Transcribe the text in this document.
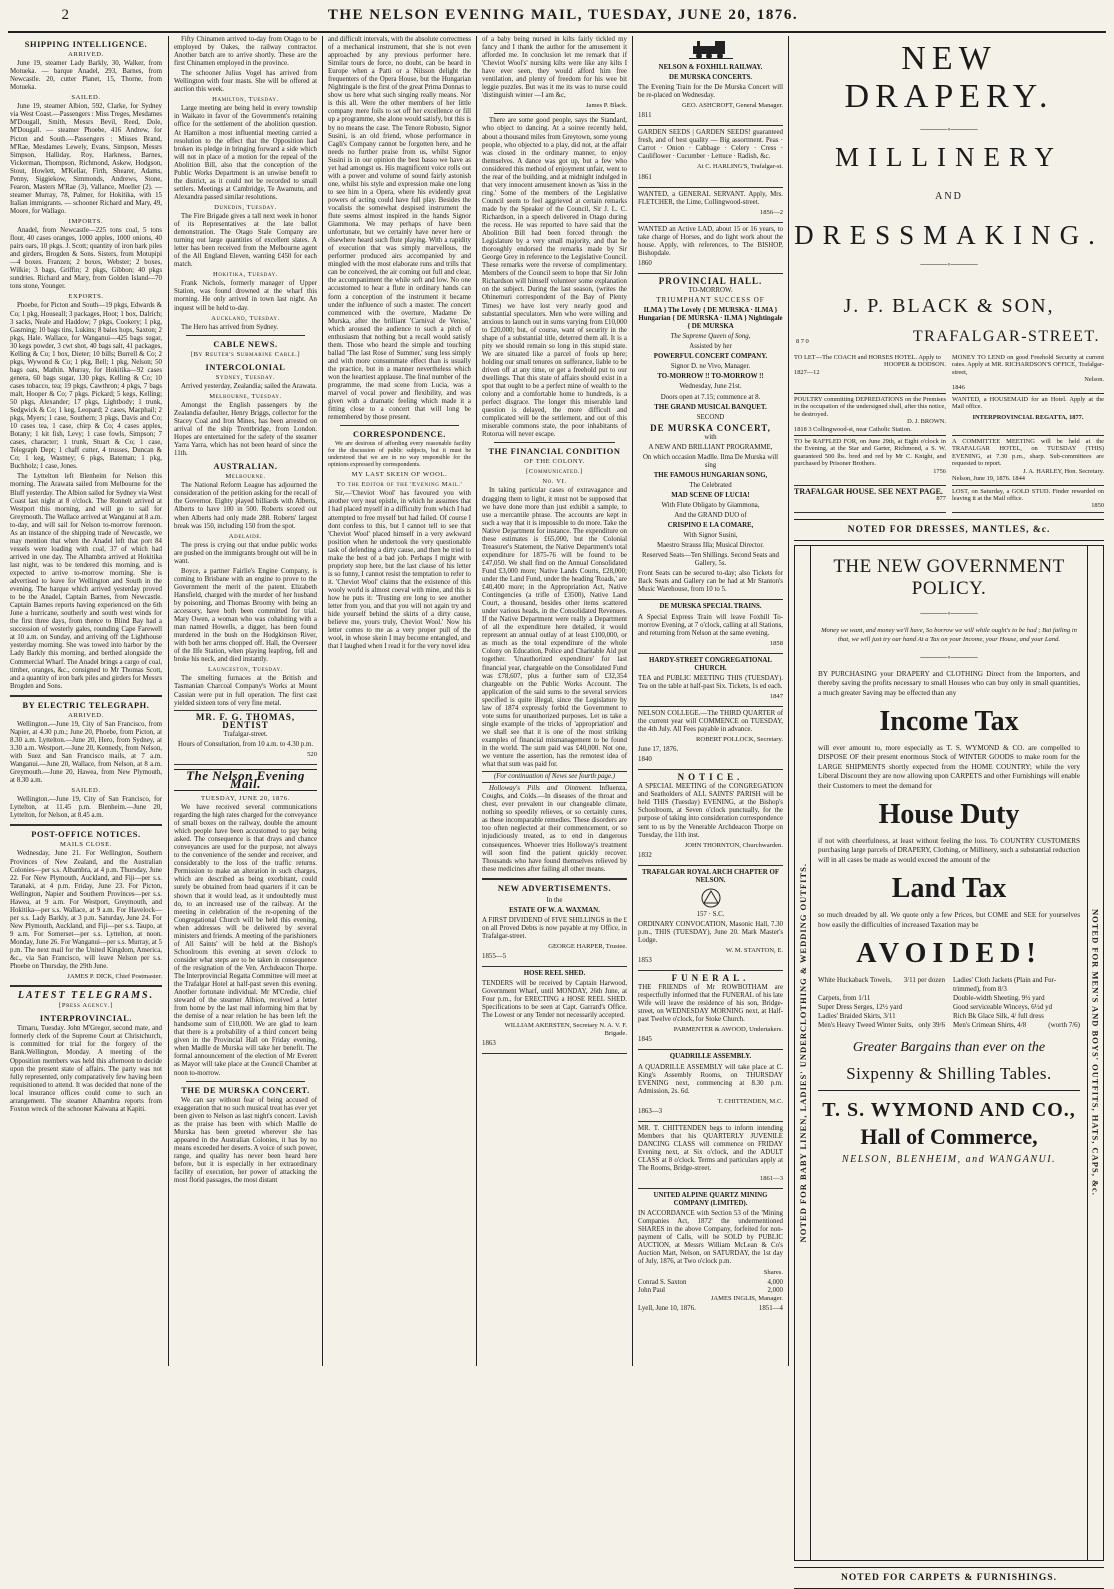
2	THE NELSON EVENING MAIL, TUESDAY, JUNE 20, 1876.
SHIPPING INTELLIGENCE.
ARRIVED.

June 19, steamer Lady Barkly, 30, Walker, from Motueka. — barque Anadel, 293, Barnes, from Newcastle. 20, cutter Planet, 15, Thorne, from Motueka.

SAILED.

June 19, steamer Albion, 592, Clarke, for Sydney via West Coast.—Passengers : Miss Treges, Mesdames M'Dougall, Smith, Messrs Bevil, Reed, Dole, M'Dougall. — steamer Phoebe, 416 Andrew, for Picton and South.—Passengers : Misses Brand, M'Rae, Mesdames Lewely, Evans, Simpson, Messrs Simpson, Halliday, Roy, Harkness, Barnes, Vickerman, Thompson, Richmond, Askew, Hodgson, Stout, Howlett, M'Kellar, Firth, Shearer, Adams, Penny, Siggiekow, Simmonds, Andrews, Stone, Fearon, Masters M'Rae (3), Vallance, Moeller (2). — steamer Murray, 78, Palmer, for Hokitika, with 15 Italian immigrants. — schooner Richard and Mary, 49, Moore, for Wallago.

IMPORTS.

Anadel, from Newcastle—225 tons coal, 5 tons flour, 40 cases oranges, 1000 apples, 1000 onions, 40 pairs oars, 10 pkgs. J. Scott; quantity of iron bark piles and girders, Brogden & Sons. Sisters, from Motupipi—4 boxes. Franzen; 2 boxes, Webster; 2 boxes, Wilkie; 3 bags, Griffin; 2 pkgs, Gibbon; 40 pkgs sundries. Richard and Mary, from Golden Island—70 tons stone, Younger.

EXPORTS.

Phoebe, for Picton and South—19 pkgs, Edwards & Co; 1 pkg, Houseall; 3 packages, Hoot; 1 box, Dalrich; 3 sacks, Neale and Haddow; 7 pkgs, Cookery; 1 pkg, Gasming; 10 bags tins, Lukins; 8 bales hops, Saxton; 2 pkgs, Hale. Wallace, for Wanganui—425 bags sugar, 30 kegs powder, 3 cwt shot, 40 bags salt, 41 packages, Kelling & Co; 1 box, Dieter; 10 bills; Burrell & Co; 2 pkgs, Wywond & Co; 1 pkg, Bell; 1 pkg, Nelson; 50 bags oats, Mathin. Murray, for Hokitika—92 cases genera, 60 bags sugar, 130 pkgs, Kelling & Co; 10 cases tobacco, tea; 19 pkgs, Cawthron; 4 pkgs, 7 bags malt, Hooper & Co; 7 pkgs. Pickard; 5 kegs, Kelling; 50 pkgs, Alexander; 17 pkgs, Lightbody; 1 trunk, Sedgwick & Co; 1 keg, Leopard; 2 cases, Macphail; 2 pkgs, Myers; 1 case, Southern; 3 pkgs, Davis and Co; 10 cases tea, 1 case, chirp & Co; 4 cases apples, Botany; 1 kit fish, Levy; 1 case fowls, Simpson; 7 cases, character; 1 trunk, Stuart & Co; 1 case, Telegraph Dept; 1 chaff cutter, 4 trusses, Duncan & Co; 1 keg, Wastney; 6 pkgs, Bateman; 1 pkg, Buchholz; 1 case, Jones.

The Lyttelton left Blenheim for Nelson this morning. The Arawata sailed from Melbourne for the Bluff yesterday. The Albion sailed for Sydney via West Coast last night at 8 o'clock. The Ronnelt arrived at Westport this morning, and will go to sail for Greymouth. The Wallace arrived at Wanganui at 8 a.m. to-day, and will sail for Nelson to-morrow forenoon. As an instance of the shipping trade of Newcastle, we may mention that when the Anadel left that port 84 vessels were loading with coal, 37 of which had arrived in one day. The Alhambra arrived at Hokitika last night, was to be tendered this morning, and is expected to arrive to-morrow morning. She is advertised to leave for Wellington and South in the evening. The barque which arrived yesterday proved to be the Anadel, Captain Barnes, from Newcastle. Captain Barnes reports having experienced on the 6th June a hurricane, southerly and south west winds for the first three days, from thence to Blind Bay had a succession of westerly gales, rounding Cape Farewell at 10 a.m. on Sunday, and arriving off the Lighthouse yesterday morning. She was towed into harbor by the Lady Barkly this morning, and berthed alongside the Commercial Wharf. The Anadel brings a cargo of coal, timber, oranges, &c., consigned to Mr Thomas Scott, and a quantity of iron bark piles and girders for Messrs Brogden and Sons.

BY ELECTRIC TELEGRAPH.
ARRIVED.

Wellington.—June 19, City of San Francisco, from Napier, at 4.30 p.m.; June 20, Phoebe, from Picton, at 8.30 a.m. Lyttelton.—June 20, Hero, from Sydney, at 3.30 a.m. Westport.—June 20, Kennedy, from Nelson, with Suez and San Francisco mails, at 7 a.m. Wanganui.—June 20, Wallace, from Nelson, at 8 a.m. Greymouth.—June 20, Hawea, from New Plymouth, at 8.30 a.m.

SAILED.

Wellington.—June 19, City of San Francisco, for Lyttelton, at 11.45 p.m. Blenheim.—June 20, Lyttelton, for Nelson, at 8.45 a.m.

POST-OFFICE NOTICES.
MAILS CLOSE.

Wednesday, June 21. For Wellington, Southern Provinces of New Zealand, and the Australian Colonies—per s.s. Albambra, at 4 p.m. Thursday, June 22. For New Plymouth, Auckland, and Fiji—per s.s. Taranaki, at 4 p.m. Friday, June 23. For Picton, Wellington, Napier and Southern Provinces—per s.s. Hawea, at 9 a.m. For Westport, Greymouth, and Hokitika—per s.s. Wallace, at 9 a.m. For Havelock—per s.s. Lady Barkly, at 3 p.m. Saturday, June 24. For New Plymouth, Auckland, and Fiji—per s.s. Taupo, at 9 a.m. For Somerset—per s.s. Lyttelton, at noon. Monday, June 26. For Wanganui—per s.s. Murray, at 5 p.m. The next mail for the United Kingdom, America, &c., via San Francisco, will leave Nelson per s.s. Phoebe on Thursday, the 29th June.

JAMES P. DICK, Chief Postmaster.
LATEST TELEGRAMS.
[Press Agency.]
INTERPROVINCIAL.

Timaru, Tuesday. John M'Gregor, second mate, and formerly clerk of the Supreme Court at Christchurch, is committed for trial for the forgery of the Bank.Wellington, Monday. A meeting of the Opposition members was held this afternoon to decide upon the present state of affairs. The party was not fully represented, only comparatively few having been requisitioned to attend. It was decided that none of the local insurance offices could come to such an arrangement. The steamer Alhambra reports from Foxton wreck of the schooner Kaiwana at Kapiti.

Fifty Chinamen arrived to-day from Otago to be employed by Oakes, the railway contractor. Another batch are to arrive shortly. These are the first Chinamen employed in the province.

The schooner Julius Vogel has arrived from Wellington with four masts. She will be offered at auction this week.

Hamilton, Tuesday.

Large meeting are being held in every township in Waikato in favor of the Government's retaining office for the settlement of the abolition question. At Hamilton a most influential meeting carried a resolution to the effect that the Opposition had broken its pledge in bringing forward a side which will not in place of a motion for the repeal of the Abolition Bill, also that the conception of the Public Works Department is an unwise benefit to the district, as it could not be recorded to small settlers. Meetings at Cambridge, Te Awamutu, and Alexandra passed similar resolutions.

Dunedin, Tuesday.

The Fire Brigade gives a tall next week in honor of its Representatives at the late ballot demonstration. The Otago Stale Company are turning out large quantities of excellent slates. A letter has been received from the Melbourne agent of the All England Eleven, wanting £450 for each match.

Hokitika, Tuesday.

Frank Nichols, formerly manager of Upper Station, was found drowned at the wharf this morning. He only arrived in town last night. An inquest will be held to-day.

Auckland, Tuesday.

The Hero has arrived from Sydney.

CABLE NEWS.
[By Reuter's Submarine Cable.]
INTERCOLONIAL
Sydney, Tuesday.

Arrived yesterday, Zealandia; sailed the Arawata.

Melbourne, Tuesday.

Amongst the English passengers by the Zealandia defaulter, Henry Briggs, collector for the Stacey Coal and Iron Mines, has been arrested on arrival of the ship Trentbridge, from London. Hopes are entertained for the safety of the steamer Yarra Yarra, which has not been heard of since the 11th.

AUSTRALIAN.
Melbourne.

The National Reform League has adjourned the consideration of the petition asking for the recall of the Governor. Eighty played billiards with Alberts, Alberts to have 100 in 500. Roberts scored out when Alberts had only made 288. Roberts' largest break was 150, including 150 from the spot.

Adelaide.

The press is crying out that undue public works are pushed on the immigrants brought out will be in want.

Boyce, a partner Fairlie's Engine Company, is coming to Brisbane with an engine to prove to the Government the merit of the patent. Elizabeth Hansfield, charged with the murder of her husband by poisoning, and Thomas Broomy with being an accessory, have both been committed for trial. Mary Owen, a woman who was cohabiting with a man named Howells, a digger, has been found murdered in the bush on the Hodgkinson River, with both her arms chopped off. Hall, the Overseer of the Ilfe Station, when playing leapfrog, fell and broke his neck, and died instantly.

Launceston, Tuesday.

The smelting furnaces at the British and Tasmanian Charcoal Company's Works at Mount Cassian were put in full operation. The first cast yielded sixteen tons of very fine metal.

MR. F. G. THOMAS, DENTIST

Trafalgar-street.

Hours of Consultation, from 10 a.m. to 4.30 p.m.

520

The Nelson Evening Mail.
TUESDAY, JUNE 20, 1876.

We have received several communications regarding the high rates charged for the conveyance of small boxes on the railway, double the amount which people have been accustomed to pay being asked. The consequence is that drays and chance conveyances are used for the purpose, not always to the convenience of the sender and receiver, and considerably to the loss of the traffic returns. Permission to make an alteration in such charges, which are described as being exorbitant, could surely be obtained from head quarters if it can be shown that it would lead, as it undoubtedly must do, to an increased use of the railway. At the meeting in celebration of the re-opening of the Congregational Church will be held this evening, when addresses will be delivered by several ministers and friends. A meeting of the parishioners of All Saints' will be held at the Bishop's Schoolroom this evening at seven o'clock to consider what steps are to be taken in consequence of the resignation of the Ven. Archdeacon Thorpe. The Interprovincial Regatta Committee will meet at the Trafalgar Hotel at half-past seven this evening. Another fortunate individual. Mr M'Credie, chief steward of the steamer Albion, received a letter from home by the last mail informing him that by the demise of a near relation he has been left the handsome sum of £10,000. We are glad to learn that there is a probability of a third concert being given in the Provincial Hall on Friday evening, when Madlle de Murska will take her benefit. The formal announcement of the election of Mr Everett as Mayor will take place at the Council Chamber at noon to-morrow.

THE DE MURSKA CONCERT.

We can say without fear of being accused of exaggeration that no such musical treat has ever yet been given to Nelson as last night's concert. Lavish as the praise has been with which Madlle de Murska has been greeted wherever she has appeared in the Australian Colonies, it has by no means exceeded her deserts. A voice of such power, range, and quality has never been heard here before, but it is especially in her extraordinary facility of execution, her power of attacking the most florid passages, the most distant

and difficult intervals, with the absolute correctness of a mechanical instrument, that she is not even approached by any previous performer here. Similar tours de force, no doubt, can be heard in Europe when a Patti or a Nilsson delight the frequenters of the Opera House, but the Hungarian Nightingale is the first of the great Prima Donnas to show us here what such singing really means. Nor is this all. Were the other members of her little company mere foils to set off her excellence or fill up a programme, she alone would satisfy, but this is by no means the case. The Tenore Robusto, Signor Susini, is an old friend, whose performance in Cagli's Company cannot be forgotten here, and he needs no further praise from us, whilst Signor Susini is in our opinion the best basso we have as yet had amongst us. His magnificent voice rolls out with a power and volume of sound fairly astonish one, whilst his style and expression make one long to see him in a Opera, where his evidently great powers of acting could have full play. Besides the vocalists the somewhat despised instrument the flute seems almost inspired in the hands Signor Giammona. We may perhaps of have been unfortunate, but we certainly have never here or elsewhere heard such flute playing. With a rapidity of execution that was simply marvellous, the performer produced airs accompanied by and mingled with the most elaborate runs and trills that can be conceived, the air coming out full and clear, the accompaniment the while soft and low. No one accustomed to hear a flute in ordinary hands can form a conception of the instrument it became under the influence of such a master. The concert commenced with the overture, Madame De Murska, after the brilliant 'Carnival de Venise,' which aroused the audience to such a pitch of enthusiasm that nothing but a recall would satisfy them. Those who heard the simple and touching ballad 'The last Rose of Summer,' sung less simply and with more consummate effect than is usually the practice, but in a manner nevertheless which won the heartiest applause. The final number of the programme, the mad scene from Lucia, was a marvel of vocal power and flexibility, and was given with a dramatic feeling which made it a fitting close to a concert that will long be remembered by those present.

CORRESPONDENCE.

We are desirous of affording every reasonable facility for the discussion of public subjects, but it must be understood that we are in no way responsible for the opinions expressed by correspondents.

MY LAST SKEIN OF WOOL.
To the Editor of the 'Evening Mail.'

Sir,—'Cheviot Wool' has favoured you with another very neat epistle, in which he assumes that I had placed myself in a difficulty from which I had attempted to free myself but had failed. Of course I dont confess to this, but I cannot tell to see that 'Cheviot Wool' placed himself in a very awkward position when he undertook the very questionable task of defending a dirty cause, and then he tried to make the best of a bad job. Perhaps I might with propriety stop here, but the last clause of his letter is so funny, I cannot resist the temptation to refer to it. 'Cheviot Wool' claims that the existence of this wooly world is almost coeval with mine, and this is how he puts it: 'Trusting ere long to see another letter from you, and that you will not again try and hide yourself behind the skirts of a dirty cause, believe me, yours truly, Cheviot Wool.' Now his letter comes to me as a very proper pull of the wool, in whose skein I may become entangled, and that I laughed when I read it for the very novel idea

of a baby being nursed in kilts fairly tickled my fancy and I thank the author for the amusement it afforded me. In conclusion let me remark that if 'Cheviot Wool's' nursing kilts were like any kilts I have ever seen, they would afford him free ventilation, and plenty of freedom for his wee bit leggie puzzles. But was it me its was to nurse could 'distinguish winter —I am &c,

James P. Black.

There are some good people, says the Standard, who object to dancing. At a soiree recently held, about a thousand miles from Greytown, some young people, who objected to a play, did not, at the affair was closed in the ordinary manner, to enjoy themselves. A dance was got up, but a few who considered this method of enjoyment unfair, went to the rear of the building, and at midnight indulged in that very innocent amusement known as 'kiss in the ring.' Some of the members of the Legislative Council seem to feel aggrieved at certain remarks made by the Speaker of the Council, Sir J. L. C. Richardson, in a speech delivered in Otago during the recess. He was reported to have said that the Abolition Bill had been forced through the Legislature by a very small majority, and that he thoroughly endorsed the remarks made by Sir George Grey in reference to the Legislative Council. These remarks were the reverse of complimentary. Members of the Council seem to hope that Sir John Richardson will himself volunteer some explanation on the subject. During the last season, (writes the Ohinemuri correspondent of the Bay of Plenty Times) we have lost very nearly good and substantial speculators. Men who were willing and anxious to launch out in sums varying from £10,000 to £20,000; but, of course, want of security in the shape of a substantial title, deterred them all. It is a pity we should remain so long in this stupid state. We are situated like a parcel of fools up here; holding our small tenures on sufferance, liable to be driven off at any time, or get a freehold put to our dwellings. That this state of affairs should exist in a spot that ought to be a perfect mine of wealth to the colony and a comfortable home to hundreds, is a perfect disgrace. The longer this miserable land question is delayed, the more difficult and complicated will be the settlement, and out of this miserable commons state, the poor inhabitants of Rotorua will never escape.

THE FINANCIAL CONDITION
OF THE COLONY.
[Communicated.]
No. VI.

In taking particular cases of extravagance and dragging them to light, it must not be supposed that we have done more than just exhibit a sample, to use a mercantile phrase. The accounts are kept in such a way that it is impossible to do more. Take the Native Department for instance. The expenditure on these estimates is £65,000, but the Colonial Treasurer's Statement, the Native Department's total expenditure for 1875-76 will be found to be £47,050. We shall find on the Annual Consolidated Fund £3,000 more; Native Lands Courts, £28,000; under the Land Fund, under the heading 'Roads,' are £40,400 more; in the Appropriation Act, Native Contingencies (a trifle of £3500), Native Land Court, a thousand, besides other items scattered under various heads, in the Consolidated Revenues. If the Native Department were really a Department of all the expenditure here detailed, it would represent an annual outlay of at least £100,000, or as much as the total expenditure of the whole Colony on Education, Police and Charitable Aid put together. 'Unauthorized expenditure' for last financial year, chargeable on the Consolidated Fund was £78,607, plus a further sum of £32,354 chargeable on the Public Works Account. The application of the said sums to the several services specified is quite illegal, since the Legislature by law of 1874 expressly forbid the Government to vote sums for unauthorized purposes. Let us take a single example of the tricks of 'appropriation' and we shall see that it is one of the most striking examples of financial mismanagement to be found in the world. The sum paid was £40,000. Not one, we venture the assertion, has the remotest idea of what that sum was paid for.

(For continuation of News see fourth page.)

Holloway's Pills and Ointment. Influenza, Coughs, and Colds.—In diseases of the throat and chest, ever prevalent in our changeable climate, nothing so speedily relieves, or so certainly cures, as these incomparable remedies. These disorders are too often neglected at their commencement, or so injudiciously treated, as to end in dangerous consequences. Whoever tries Holloway's treatment will soon find the patient quickly recover. Thousands who have found themselves relieved by these medicines after failing all other means.

NEW ADVERTISEMENTS.

In the

ESTATE OF W. A. WAXMAN.

A FIRST DIVIDEND of FIVE SHILLINGS in the £ on all Proved Debts is now payable at my Office, in Trafalgar-street.

GEORGE HARPER, Trustee.

1855—5

HOSE REEL SHED.

TENDERS will be received by Captain Harwood, Government Wharf, until MONDAY, 26th June, at Four p.m., for ERECTING a HOSE REEL SHED. Specifications to be seen at Capt. Garrard's Office. The Lowest or any Tender not necessarily accepted.

WILLIAM AKERSTEN, Secretary N. A. V. F. Brigade.

1863

NELSON & FOXHILL RAILWAY.

DE MURSKA CONCERTS.

The Evening Train for the De Murska Concert will be re-placed on Wednesday.

GEO. ASHCROFT, General Manager.

1811

GARDEN SEEDS | GARDEN SEEDS! guaranteed fresh, and of best quality — Big assortment. Peas · Carrot · Onion · Cabbage · Celery · Cress · Cauliflower · Cucumber · Lettuce · Radish, &c.

At C. HARLING'S, Trafalgar-st.

1861

WANTED, a GENERAL SERVANT. Apply, Mrs. FLETCHER, the Lime, Collingwood-street.

1856—2

WANTED an Active LAD, about 15 or 16 years, to take charge of Horses, and do light work about the house. Apply, with references, to The BISHOP, Bishopdale.

1860

PROVINCIAL HALL.

TO-MORROW.

TRIUMPHANT SUCCESS OF

ILMA } The Lovely { DE MURSKA · ILMA } Hungarian { DE MURSKA · ILMA } Nightingale { DE MURSKA

The Supreme Queen of Song,

Assisted by her

POWERFUL CONCERT COMPANY.

Signor D. ne Vivo, Manager.

TO-MORROW !! TO-MORROW !!

Wednesday, June 21st.

Doors open at 7.15; commence at 8.

THE GRAND MUSICAL BANQUET.

SECOND

DE MURSKA CONCERT,

with

A NEW AND BRILLIANT PROGRAMME,

On which occasion Madlle. Ilma De Murska will sing

THE FAMOUS HUNGARIAN SONG,

The Celebrated

MAD SCENE OF LUCIA!

With Flute Obligato by Giammona,

And the GRAND DUO of

CRISPINO E LA COMARE,

With Signor Susini,

Maestro Strauss Illa; Musical Director.

Reserved Seats—Ten Shillings. Second Seats and Gallery, 5s.

Front Seats can be secured to-day; also Tickets for Back Seats and Gallery can be had at Mr Stanton's Music Warehouse, from 10 to 5.

DE MURSKA SPECIAL TRAINS.

A Special Express Train will leave Foxhill To-morrow Evening, at 7 o'clock, calling at all Stations, and returning from Nelson at the same evening.

1858

HARDY-STREET CONGREGATIONAL CHURCH.

TEA and PUBLIC MEETING THIS (TUESDAY). Tea on the table at half-past Six. Tickets, 1s ed each.

1847

NELSON COLLEGE.—The THIRD QUARTER of the current year will COMMENCE on TUESDAY, the 4th July. All Fees payable in advance.

ROBERT POLLOCK, Secretary.

June 17, 1876.

1840

NOTICE.

A SPECIAL MEETING of the CONGREGATION and Seatholders of ALL SAINTS' PARISH will be held THIS (Tuesday) EVENING, at the Bishop's Schoolroom, at Seven o'clock punctually, for the purpose of taking into consideration correspondence sent to us by the Venerable Archdeacon Thorpe on Tuesday, the 11th inst.

JOHN THORNTON, Churchwarden.

1832

TRAFALGAR ROYAL ARCH CHAPTER OF NELSON.

157 · S.C.

ORDINARY CONVOCATION, Masonic Hall, 7.30 p.m., THIS (TUESDAY), June 20. Mark Master's Lodge.

W. M. STANTON, E.

1853

FUNERAL.

THE FRIENDS of Mr ROWBOTHAM are respectfully informed that the FUNERAL of his late Wife will leave the residence of his son, Bridge-street, on WEDNESDAY MORNING next, at Half-past Twelve o'clock, for Stoke Church.

PARMENTER & AWOOD, Undertakers.

1845

QUADRILLE ASSEMBLY.

A QUADRILLE ASSEMBLY will take place at C. King's Assembly Rooms, on THURSDAY EVENING next, commencing at 8.30 p.m. Admission, 2s. 6d.

T. CHITTENDEN, M.C.

1863—3

MR. T. CHITTENDEN begs to inform intending Members that his QUARTERLY JUVENILE DANCING CLASS will commence on FRIDAY Evening next, at Six o'clock, and the ADULT CLASS at 8 o'clock. Terms and particulars apply at The Rooms, Bridge-street.

1861—3

UNITED ALPINE QUARTZ MINING COMPANY (LIMITED).

IN ACCORDANCE with Section 53 of the 'Mining Companies Act, 1872' the undermentioned SHARES in the above Company, forfeited for non-payment of Calls, will be SOLD by PUBLIC AUCTION, at Messrs William McLean & Co's Auction Mart, Nelson, on SATURDAY, the 1st day of July, 1876, at Two o'clock p.m.

Shares.

Conrad S. Saxton	4,000
John Paul	2,000

JAMES INGLIS, Manager.

Lyell, June 10, 1876.	1851—4
NEW DRAPERY.
———◦———
MILLINERY
AND
DRESSMAKING.
———◦———
J. P. BLACK & SON,
870	TRAFALGAR-STREET.
TO LET—The COACH and HORSES HOTEL. Apply to
HOOPER & DODSON.
1827—12
MONEY TO LEND on good Freehold Security at current rates. Apply at MR. RICHARDSON'S OFFICE, Trafalgar-street,
Nelson.
1846
POULTRY committing DEPREDATIONS on the Premises in the occupation of the undersigned shall, after this notice, be destroyed.
D. J. BROWN.
1818 3 Collingwood-st, near Catholic Station.
WANTED, a HOUSEMAID for an Hotel. Apply at the Mail office.
INTERPROVINCIAL REGATTA, 1877.
TO be RAFFLED FOR, on June 29th, at Eight o'clock in the Evening, at the Star and Garter, Richmond, a S. W. guaranteed 500 lbs. bred and red by Mr C. Knight, and purchased by Prisoner Brothers.
1756
A COMMITTEE MEETING will be held at the TRAFALGAR HOTEL, on TUESDAY (THIS) EVENING, at 7.30 p.m., sharp. Sub-committees are requested to report.
J. A. HARLEY, Hon. Secretary.
Nelson, June 19, 1876. 1844
TRAFALGAR HOUSE. SEE NEXT PAGE.
877
LOST, on Saturday, a GOLD STUD. Finder rewarded on leaving it at the Mail office.
1850
NOTED FOR DRESSES, MANTLES, &c.
NOTED FOR BABY LINEN, LADIES' UNDERCLOTHING & WEDDING OUTFITS.	NOTED FOR MEN'S AND BOYS' OUTFITS, HATS, CAPS, &c.
THE NEW GOVERNMENT POLICY.
———◦———
Money we want, and money we'll have, So borrow we will while ought's to be had ; But failing in that, we will just try our hand At a Tax on your Income, your House, and your Land.
———◦———
BY PURCHASING your DRAPERY and CLOTHING Direct from the Importers, and thereby saving the profits necessary to small Houses who can buy only in small quantities, a much greater Saving may be effected than any
Income Tax
will ever amount to, more especially as T. S. WYMOND & CO. are compelled to DISPOSE OF their present enormous Stock of WINTER GOODS to make room for the LARGE SHIPMENTS shortly expected from the HOME COUNTRY; while the very Liberal Discount they are now allowing upon CARPETS and other Furnishings will enable their Customers to meet the demand for
House Duty
if not with cheerfulness, at least without feeling the loss. To COUNTRY CUSTOMERS purchasing large parcels of DRAPERY, Clothing, or Millinery, such a substantial reduction will in all cases be made as would exceed the amount of the
Land Tax
so much dreaded by all. We quote only a few Prices, but COME and SEE for yourselves how easily the difficulties of increased Taxation may be
AVOIDED!
White Huckaback Towels, 3/11 per dozen Ladies' Cloth Jackets (Plain and Fur-trimmed), from 8/3
Carpets, from 1/11	Double-width Sheeting, 9½ yard
Super Dress Serges, 12½ yard	Good serviceable Winceys, 6½d yd
Ladies' Braided Skirts, 3/11	Rich Bk Glace Silk, 4/ full dress
Men's Heavy Tweed Winter Suits, only 39/6 Men's Crimean Shirts, 4/8	(worth 7/6)
Greater Bargains than ever on the
Sixpenny & Shilling Tables.
T. S. WYMOND AND CO.,
Hall of Commerce,
NELSON, BLENHEIM, and WANGANUI.
NOTED FOR CARPETS & FURNISHINGS.
